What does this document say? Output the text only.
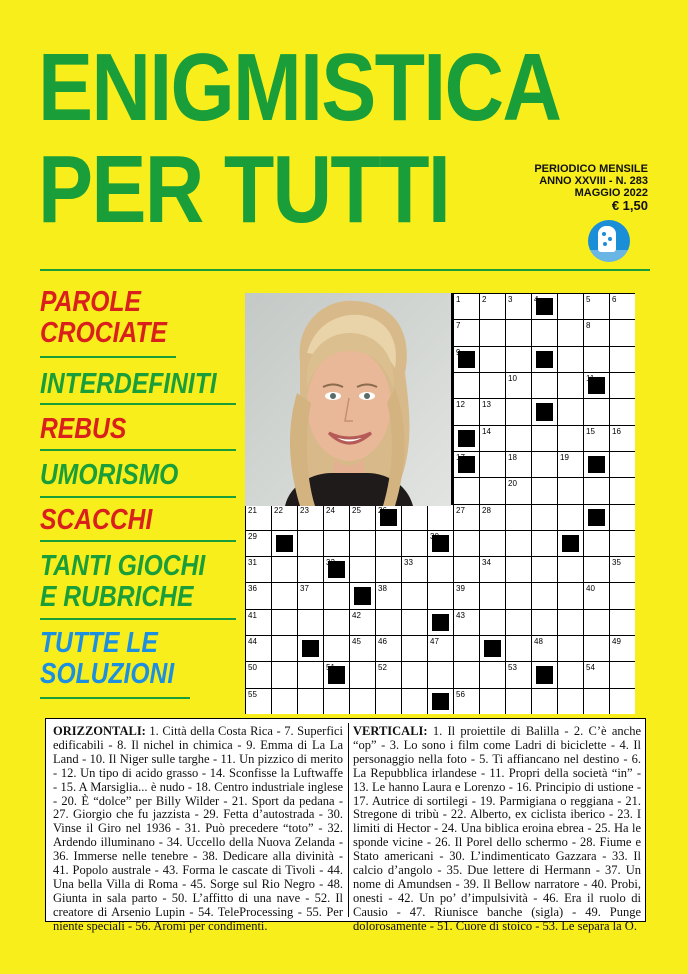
ENIGMISTICA
PER TUTTI	PERIODICO MENSILE
ANNO XXVIII - N. 283
MAGGIO 2022
€ 1,50
PAROLE
CROCIATE
INTERDEFINITI
REBUS
UMORISMO
SCACCHI
TANTI GIOCHI
E RUBRICHE
TUTTE LE
SOLUZIONI
1	2	3	4	5	6
7	8
9
10	11
12 13
14	15 16
17	18	19
20
21 22 23 24 25 26	27 28
29	30
31	32	33	34	35
36	37	38	39	40
41	42	43
44	45 46	47	48	49
50	51	52	53	54
55	56
ORIZZONTALI: 1. Città della Costa Rica - 7. Superfici edificabili - 8. Il nichel in chimica - 9. Emma di La La Land - 10. Il Niger sulle targhe - 11. Un pizzico di merito - 12. Un tipo di acido grasso - 14. Sconfisse la Luftwaffe - 15. A Marsiglia... è nudo - 18. Centro industriale inglese - 20. È “dolce” per Billy Wilder - 21. Sport da pedana - 27. Giorgio che fu jazzista - 29. Fetta d’autostrada - 30. Vinse il Giro nel 1936 - 31. Può precedere “toto” - 32. Ardendo illuminano - 34. Uccello della Nuova Zelanda - 36. Immerse nelle tenebre - 38. Dedicare alla divinità - 41. Popolo australe - 43. Forma le cascate di Tivoli - 44. Una bella Villa di Roma - 45. Sorge sul Rio Negro - 48. Giunta in sala parto - 50. L’affitto di una nave - 52. Il creatore di Arsenio Lupin - 54. TeleProcessing - 55. Per niente speciali - 56. Aromi per condimenti.
VERTICALI: 1. Il proiettile di Balilla - 2. C’è anche “op” - 3. Lo sono i film come Ladri di biciclette - 4. Il personaggio nella foto - 5. Ti affiancano nel destino - 6. La Repubblica irlandese - 11. Propri della società “in” - 13. Le hanno Laura e Lorenzo - 16. Principio di ustione - 17. Autrice di sortilegi - 19. Parmigiana o reggiana - 21. Stregone di tribù - 22. Alberto, ex ciclista iberico - 23. I limiti di Hector - 24. Una biblica eroina ebrea - 25. Ha le sponde vicine - 26. Il Porel dello schermo - 28. Fiume e Stato americani - 30. L’indimenticato Gazzara - 33. Il calcio d’angolo - 35. Due lettere di Hermann - 37. Un nome di Amundsen - 39. Il Bellow narratore - 40. Probi, onesti - 42. Un po’ d’impulsività - 46. Era il ruolo di Causio - 47. Riunisce banche (sigla) - 49. Punge dolorosamente - 51. Cuore di stoico - 53. Le separa la O.
